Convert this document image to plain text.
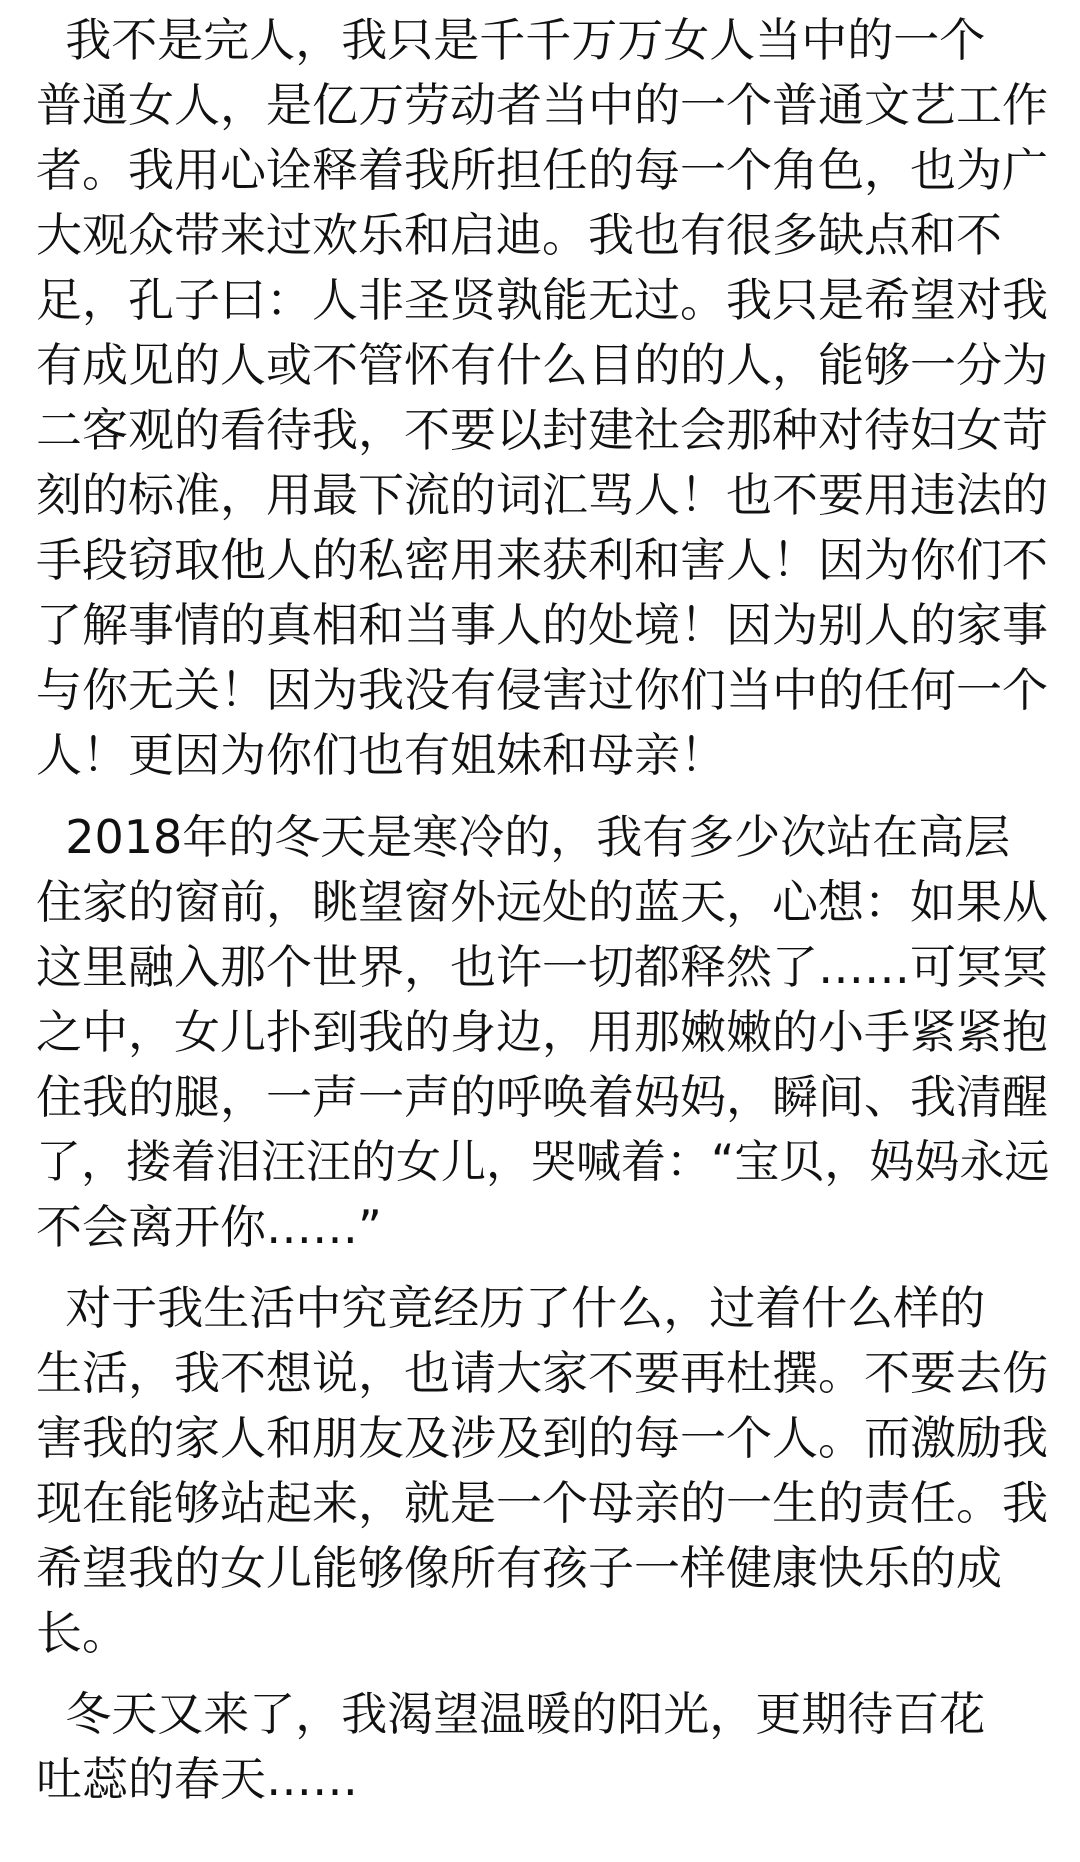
我不是完人，我只是千千万万女人当中的一个
普通女人，是亿万劳动者当中的一个普通文艺工作
者。我用心诠释着我所担任的每一个角色，也为广
大观众带来过欢乐和启迪。我也有很多缺点和不
足，孔子曰：人非圣贤孰能无过。我只是希望对我
有成见的人或不管怀有什么目的的人，能够一分为
二客观的看待我，不要以封建社会那种对待妇女苛
刻的标准，用最下流的词汇骂人！也不要用违法的
手段窃取他人的私密用来获利和害人！因为你们不
了解事情的真相和当事人的处境！因为别人的家事
与你无关！因为我没有侵害过你们当中的任何一个
人！更因为你们也有姐妹和母亲！
2018年的冬天是寒冷的，我有多少次站在高层
住家的窗前，眺望窗外远处的蓝天，心想：如果从
这里融入那个世界，也许一切都释然了……可冥冥
之中，女儿扑到我的身边，用那嫩嫩的小手紧紧抱
住我的腿，一声一声的呼唤着妈妈，瞬间、我清醒
了，搂着泪汪汪的女儿，哭喊着：“宝贝，妈妈永远
不会离开你……”
对于我生活中究竟经历了什么，过着什么样的
生活，我不想说，也请大家不要再杜撰。不要去伤
害我的家人和朋友及涉及到的每一个人。而激励我
现在能够站起来，就是一个母亲的一生的责任。我
希望我的女儿能够像所有孩子一样健康快乐的成
长。
冬天又来了，我渴望温暖的阳光，更期待百花
吐蕊的春天……
